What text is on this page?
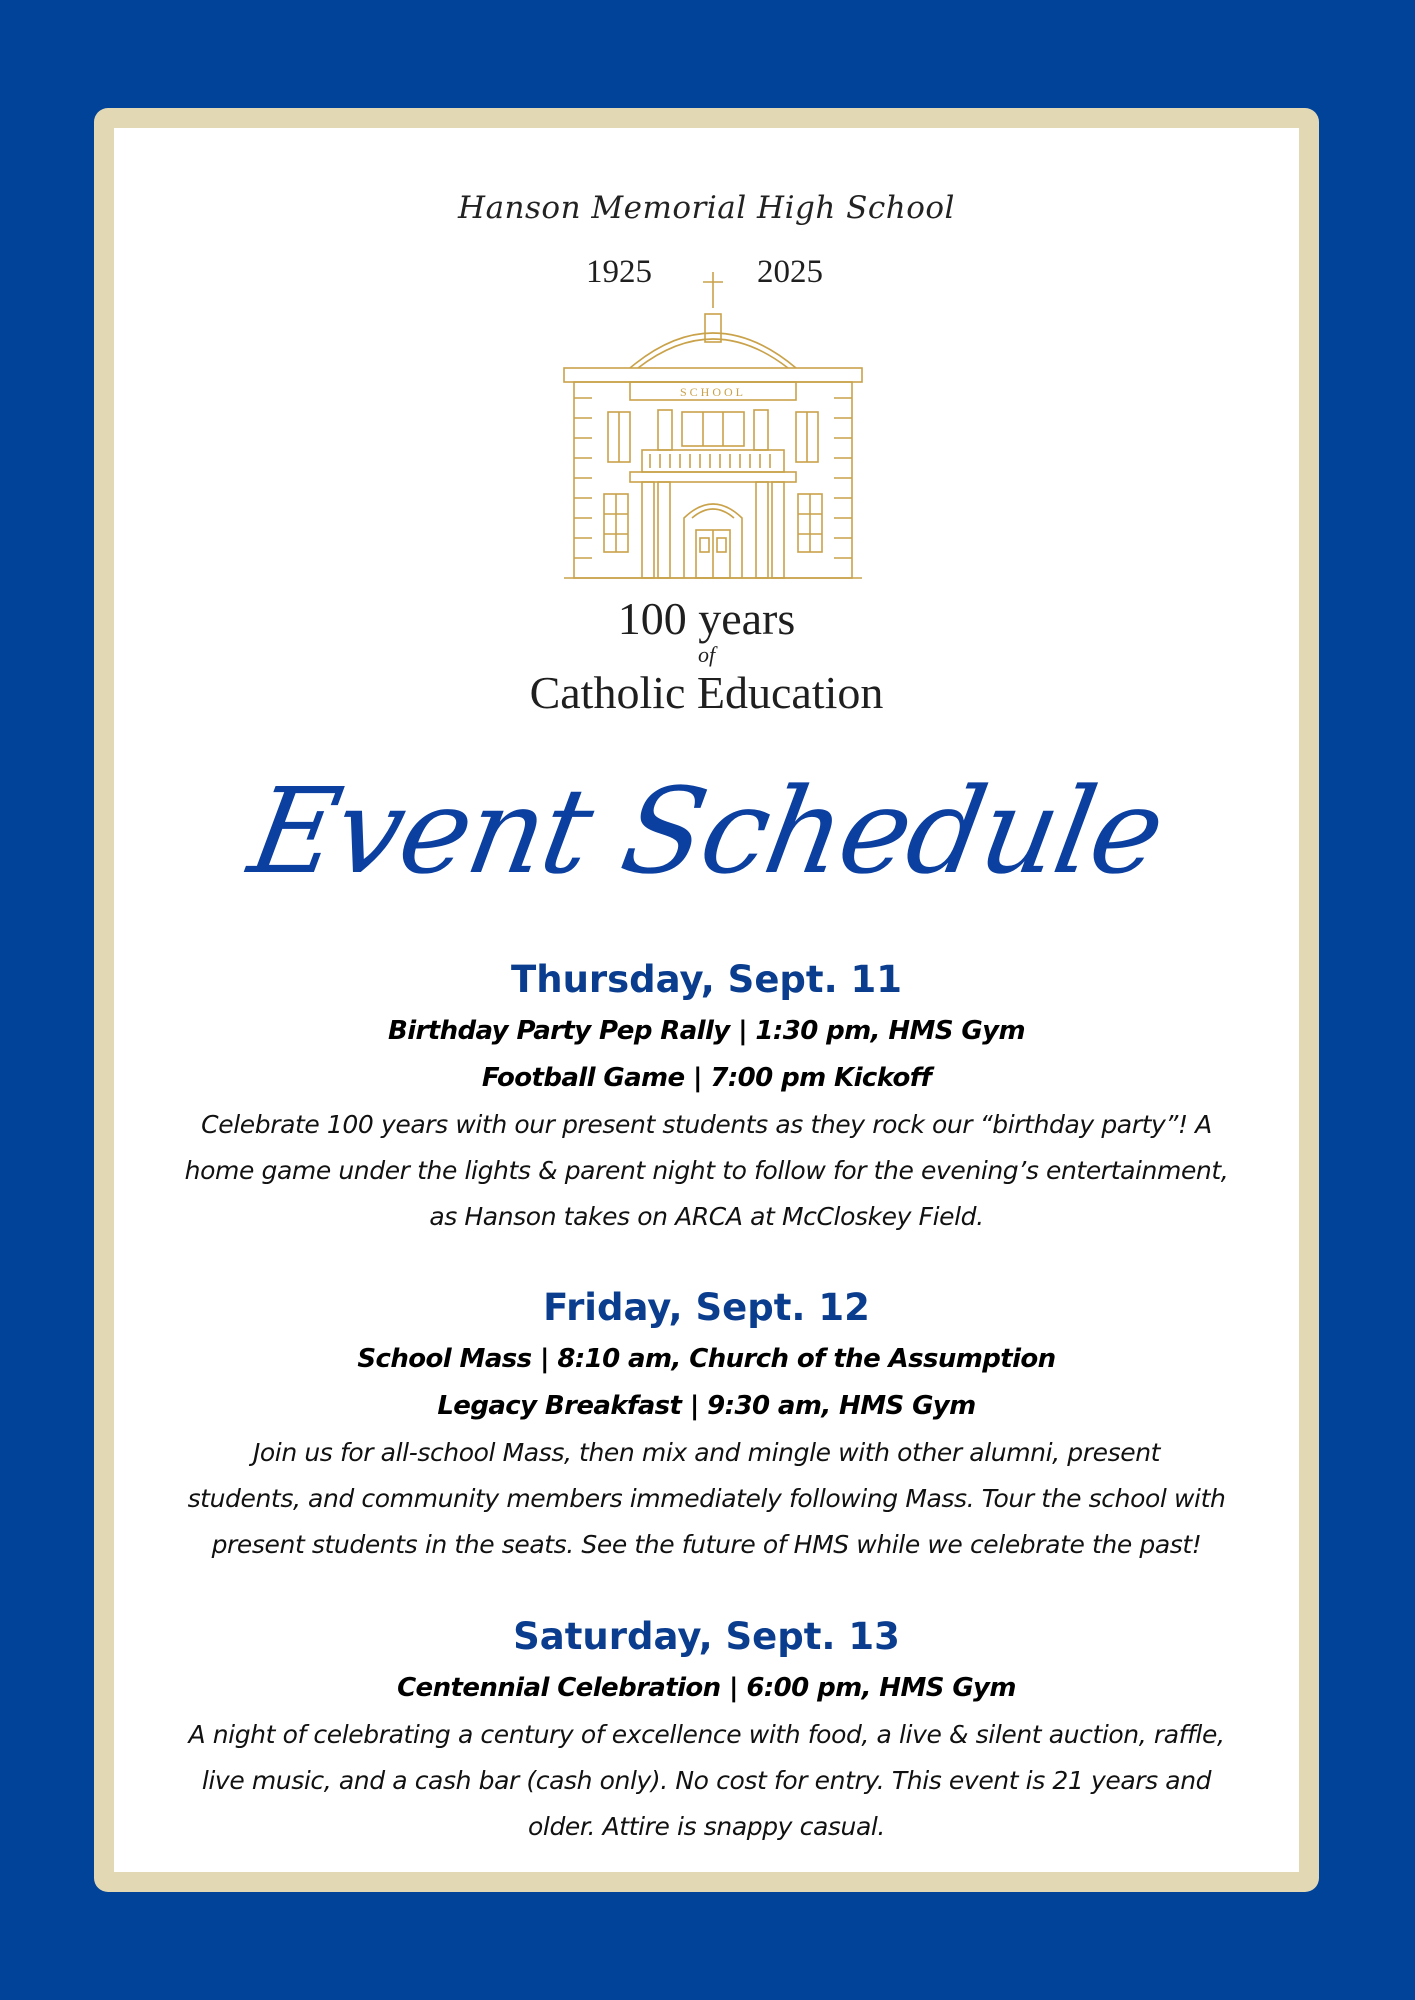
Hanson Memorial High School
1925	2025
SCHOOL
100 years
of
Catholic Education
Event Schedule
Thursday, Sept. 11
Birthday Party Pep Rally | 1:30 pm, HMS Gym
Football Game | 7:00 pm Kickoff
Celebrate 100 years with our present students as they rock our “birthday party”! A
home game under the lights & parent night to follow for the evening’s entertainment,
as Hanson takes on ARCA at McCloskey Field.
Friday, Sept. 12
School Mass | 8:10 am, Church of the Assumption
Legacy Breakfast | 9:30 am, HMS Gym
Join us for all-school Mass, then mix and mingle with other alumni, present
students, and community members immediately following Mass. Tour the school with
present students in the seats. See the future of HMS while we celebrate the past!
Saturday, Sept. 13
Centennial Celebration | 6:00 pm, HMS Gym
A night of celebrating a century of excellence with food, a live & silent auction, raffle,
live music, and a cash bar (cash only). No cost for entry. This event is 21 years and
older. Attire is snappy casual.
